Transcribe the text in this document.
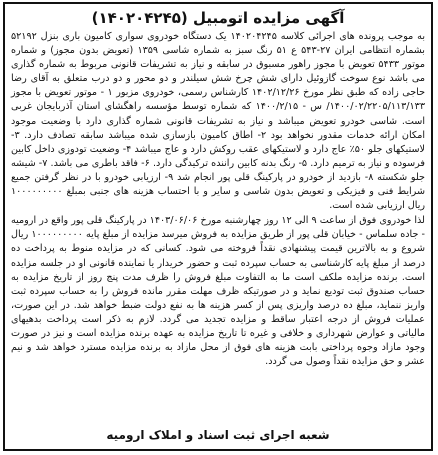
آگهی مزایده اتومبیل (۱۴۰۲۰۴۲۴۵)

به موجب پرونده های اجرائی کلاسه ۱۴۰۲۰۴۲۴۵ یک دستگاه خودروی سواری کامیون باری بنزل ۵۲۱۹۲ بشماره انتظامی ایران ۲۷-۵۴۳ ع ۵۱ رنگ سبز به شماره شاسی ۱۳۵۹ (تعویض بدون مجوز) و شماره موتور ۵۴۳۳ تعویض با مجوز راهور مسبوق در سابقه و نیاز به تشریفات قانونی مربوط به شماره گذاری می باشد نوع سوخت گازوئیل دارای شش چرخ شش سیلندر و دو محور و دو درب متعلق به آقای رضا حاجی زاده که طبق نظر مورخ ۱۴۰۲/۱۲/۲۶ کارشناس رسمی، خودروی مزبور ۱ - موتور تعویض با مجوز ۱۴۰۰/۰۲/۲۲۰۵/۱۱۳/۱۳۳/ س - ۱۴۰۰/۲/۱۵ که شماره توسط مؤسسه راهگشای استان آذربایجان غربی است. شاسی خودرو تعویض میباشد و نیاز به تشریفات قانونی شماره گذاری دارد با وضعیت موجود امکان ارائه خدمات مقدور نخواهد بود ۲- اطاق کامیون بازسازی شده میباشد سابقه تصادف دارد. ۳- لاستیکهای جلو ۵۰٪ عاج دارد و لاستیکهای عقب روکش دارد و عاج میباشد ۴- وضعیت تودوزی داخل کابین فرسوده و نیاز به ترمیم دارد. ۵- رنگ بدنه کابین راننده ترکیدگی دارد. ۶- فاقد باطری می باشد. ۷- شیشه جلو شکسته ۸- بازدید از خودرو در پارکینگ قلی پور انجام شد ۹- ارزیابی خودرو با در نظر گرفتن جمیع شرایط فنی و فیزیکی و تعویض بدون شاسی و سایر و با احتساب هزینه های جنبی بمبلغ ۱۰۰۰۰۰۰۰۰۰ ریال ارزیابی شده است.

لذا خودروی فوق از ساعت ۹ الی ۱۲ روز چهارشنبه مورخ ۱۴۰۳/۰۶/۰۶ در پارکینگ قلی پور واقع در ارومیه - جاده سلماس - خیابان قلی پور از طریق مزایده به فروش میرسد مزایده از مبلغ پایه ۱۰۰۰۰۰۰۰۰۰ ریال شروع و به بالاترین قیمت پیشنهادی نقداً فروخته می شود. کسانی که در مزایده منوط به پرداخت ده درصد از مبلغ پایه کارشناسی به حساب سپرده ثبت و حضور خریدار یا نماینده قانونی او در جلسه مزایده است. برنده مزایده ملکف است ما به التفاوت مبلغ فروش را ظرف مدت پنج روز از تاریخ مزایده به حساب صندوق ثبت تودیع نماید و در صورتیکه ظرف مهلت مقرر مانده فروش را به حساب سپرده ثبت واریز ننماید، مبلغ ده درصد واریزی پس از کسر هزینه ها به نفع دولت ضبط خواهد شد. در این صورت، عملیات فروش از درجه اعتبار ساقط و مزایده تجدید می گردد. لازم به ذکر است پرداخت بدهیهای مالیاتی و عوارض شهرداری و خلافی و غیره تا تاریخ مزایده به عهده برنده مزایده است و نیز در صورت وجود مازاد وجوه پرداختی بابت هزینه های فوق از محل مازاد به برنده مزایده مسترد خواهد شد و نیم عشر و حق مزایده نقداً وصول می گردد.

شعبه اجرای ثبت اسناد و املاک ارومیه
